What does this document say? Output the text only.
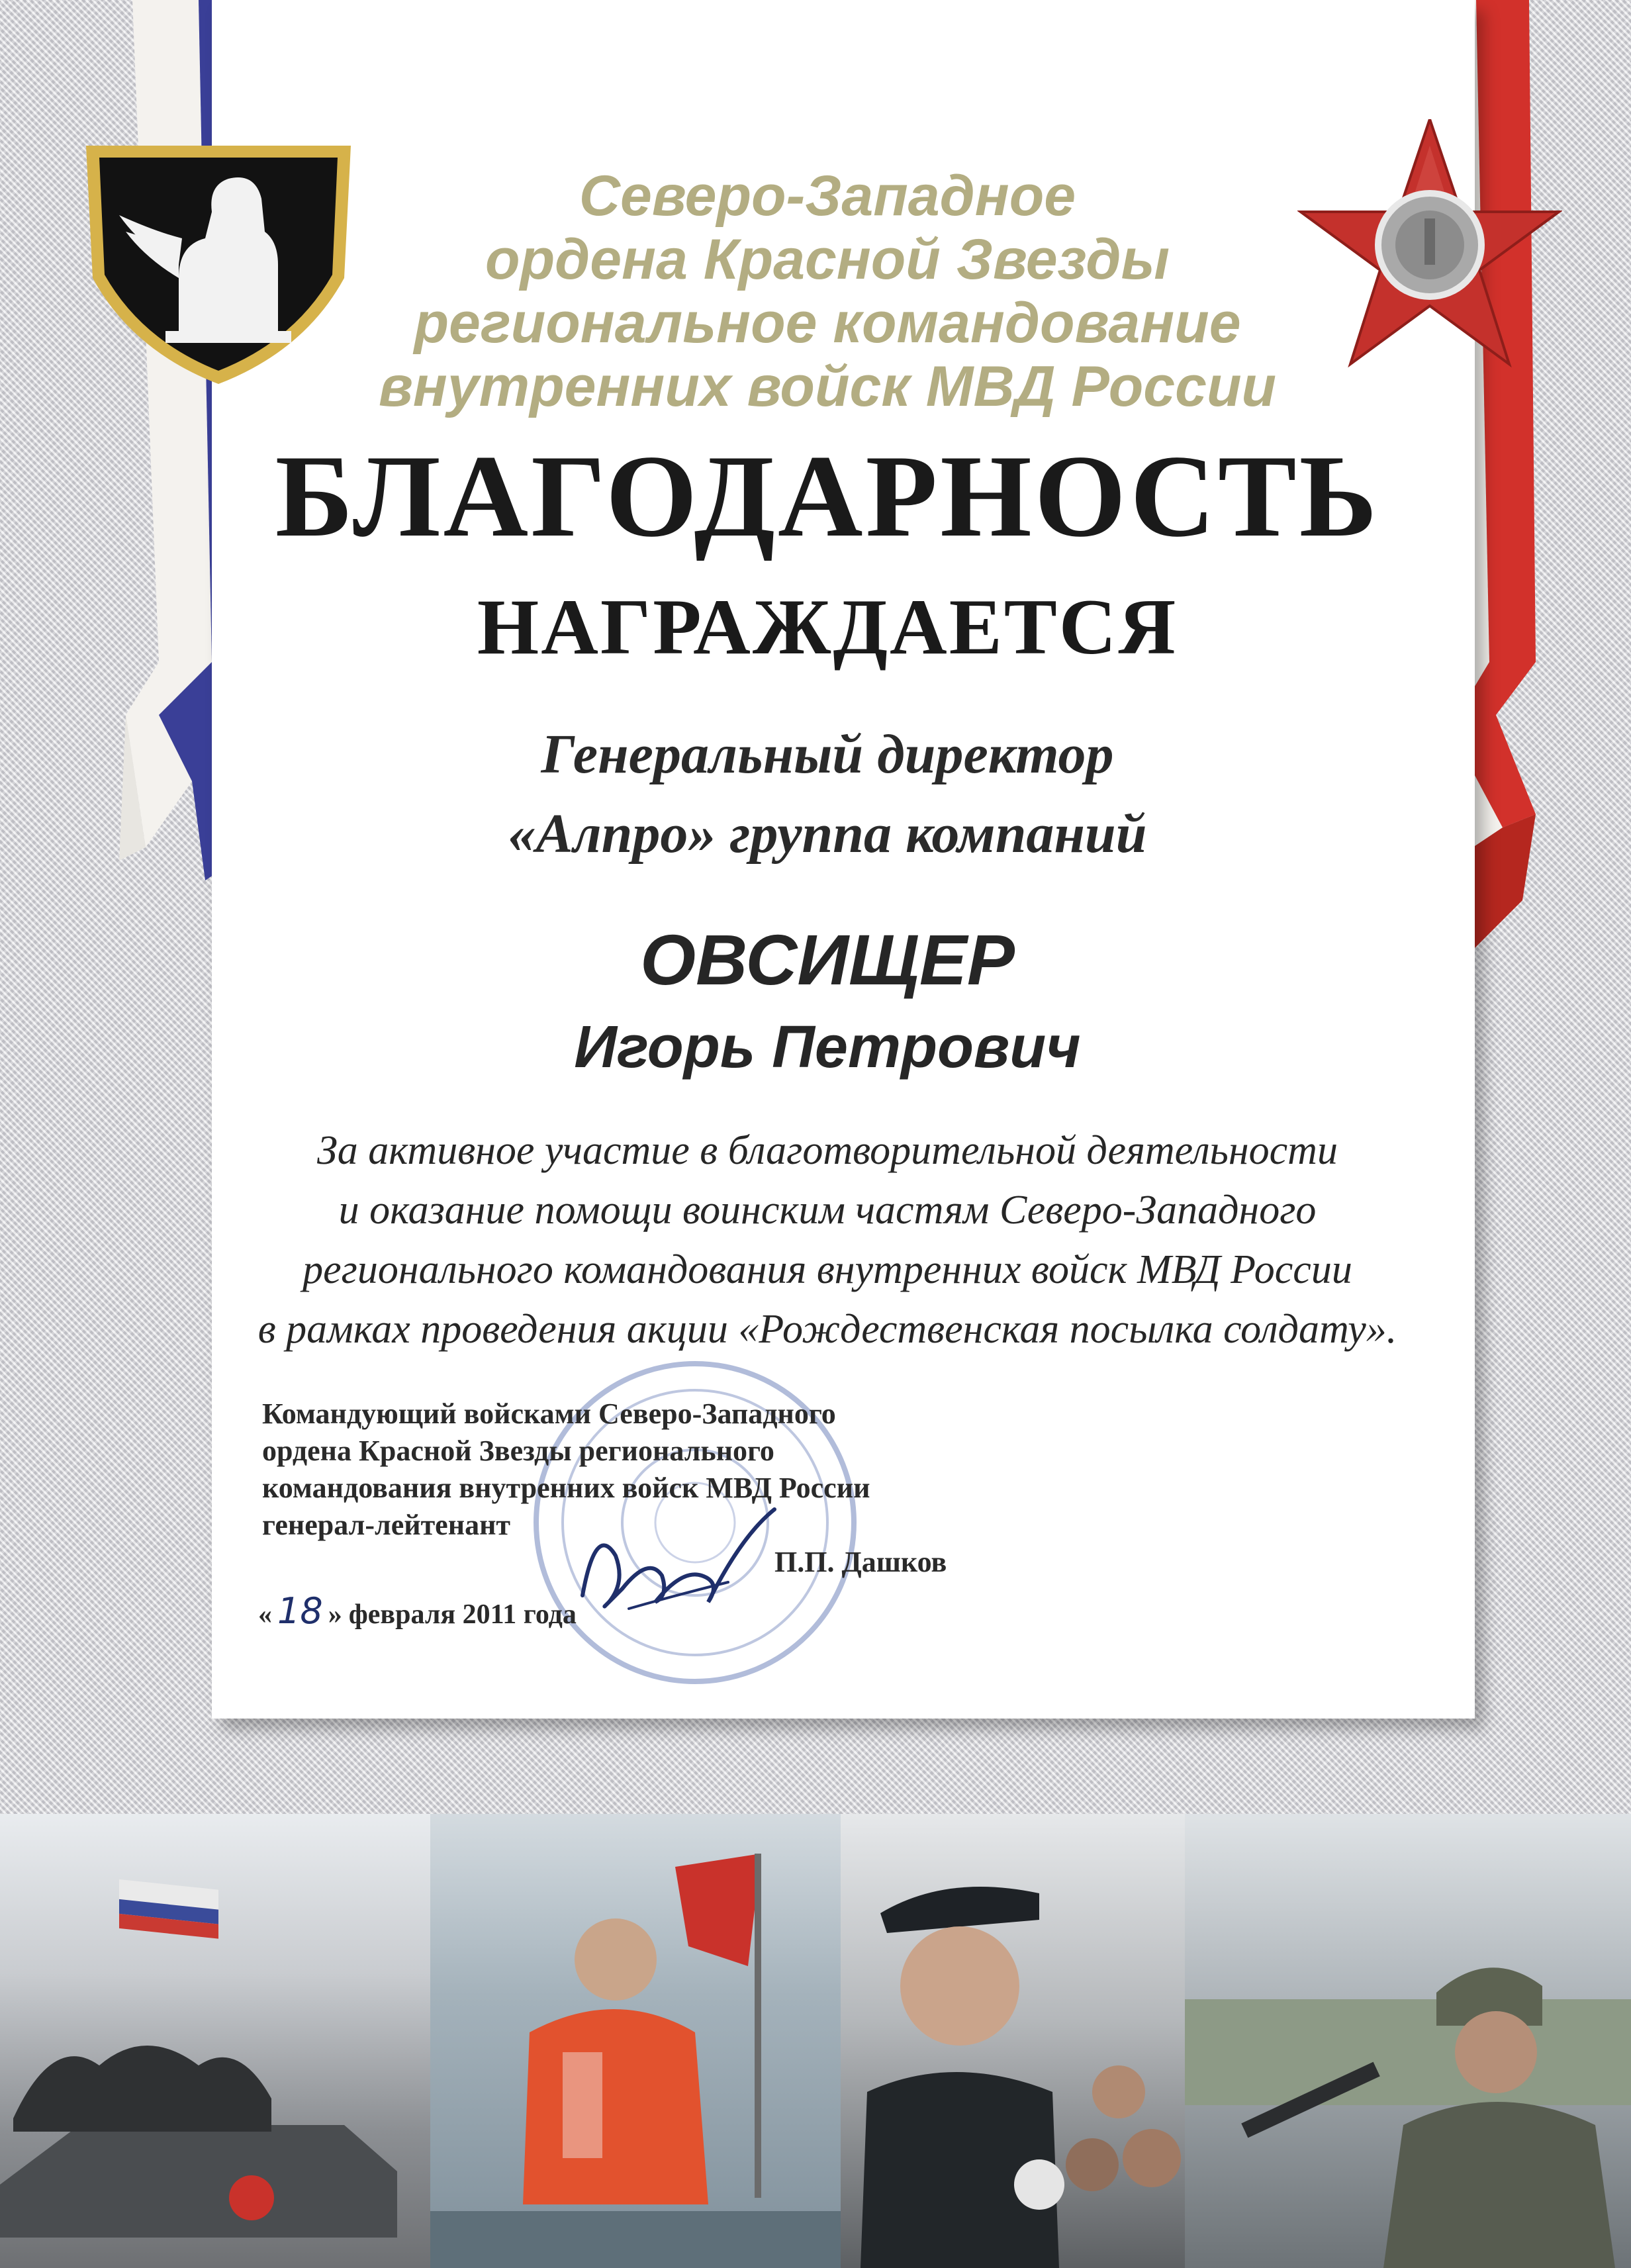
Северо-Западное
ордена Красной Звезды
региональное командование
внутренних войск МВД России
БЛАГОДАРНОСТЬ
НАГРАЖДАЕТСЯ
Генеральный директор
«Алпро» группа компаний
ОВСИЩЕР
Игорь Петрович
За активное участие в благотворительной деятельности
и оказание помощи воинским частям Северо-Западного
регионального командования внутренних войск МВД России
в рамках проведения акции «Рождественская посылка солдату».
Командующий войсками Северо-Западного
ордена Красной Звезды регионального
командования внутренних войск МВД России
генерал-лейтенант
П.П. Дашков
« 18 » февраля 2011 года
